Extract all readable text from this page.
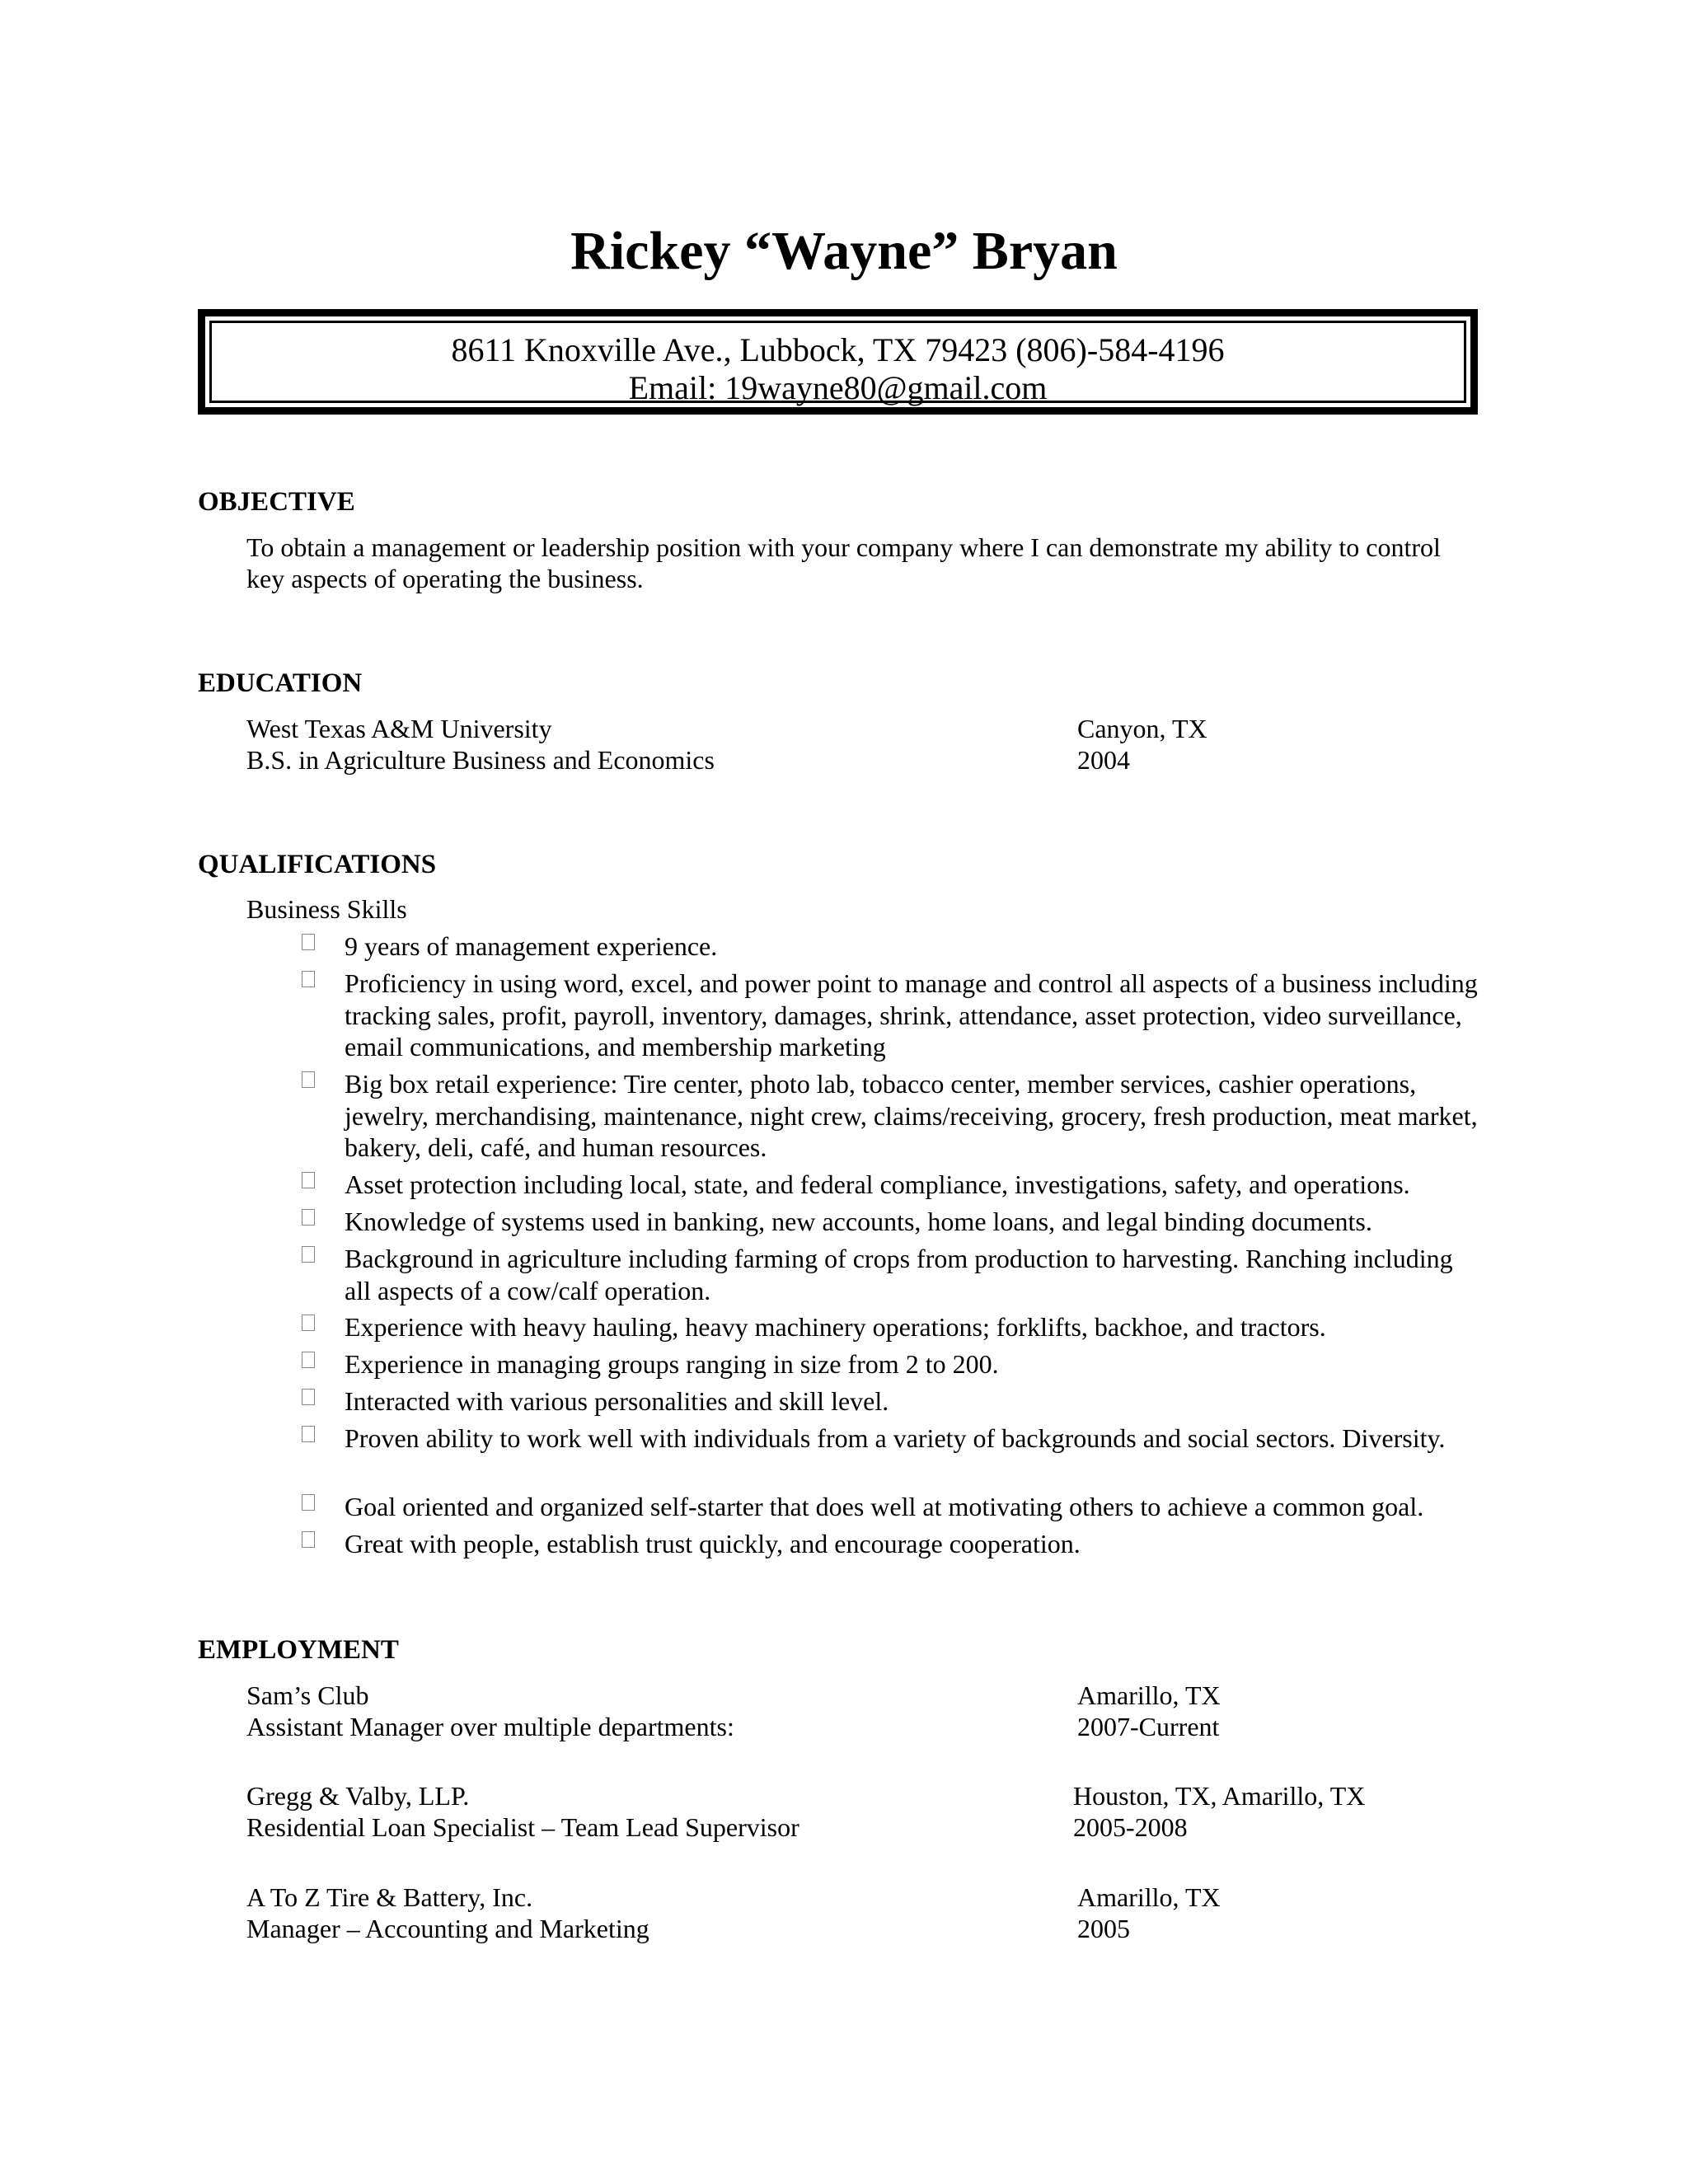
Rickey “Wayne” Bryan
8611 Knoxville Ave., Lubbock, TX 79423 (806)-584-4196
Email: 19wayne80@gmail.com
OBJECTIVE
To obtain a management or leadership position with your company where I can demonstrate my ability to control key aspects of operating the business.
EDUCATION
West Texas A&M University	Canyon, TX
B.S. in Agriculture Business and Economics	2004
QUALIFICATIONS
Business Skills
9 years of management experience.
Proficiency in using word, excel, and power point to manage and control all aspects of a business including tracking sales, profit, payroll, inventory, damages, shrink, attendance, asset protection, video surveillance, email communications, and membership marketing
Big box retail experience: Tire center, photo lab, tobacco center, member services, cashier operations, jewelry, merchandising, maintenance, night crew, claims/receiving, grocery, fresh production, meat market, bakery, deli, café, and human resources.
Asset protection including local, state, and federal compliance, investigations, safety, and operations.
Knowledge of systems used in banking, new accounts, home loans, and legal binding documents.
Background in agriculture including farming of crops from production to harvesting. Ranching including all aspects of a cow/calf operation.
Experience with heavy hauling, heavy machinery operations; forklifts, backhoe, and tractors.
Experience in managing groups ranging in size from 2 to 200.
Interacted with various personalities and skill level.
Proven ability to work well with individuals from a variety of backgrounds and social sectors. Diversity.
Goal oriented and organized self-starter that does well at motivating others to achieve a common goal.
Great with people, establish trust quickly, and encourage cooperation.
EMPLOYMENT
Sam’s Club	Amarillo, TX
Assistant Manager over multiple departments:	2007-Current
Gregg & Valby, LLP.	Houston, TX, Amarillo, TX
Residential Loan Specialist – Team Lead Supervisor	2005-2008
A To Z Tire & Battery, Inc.	Amarillo, TX
Manager – Accounting and Marketing	2005
